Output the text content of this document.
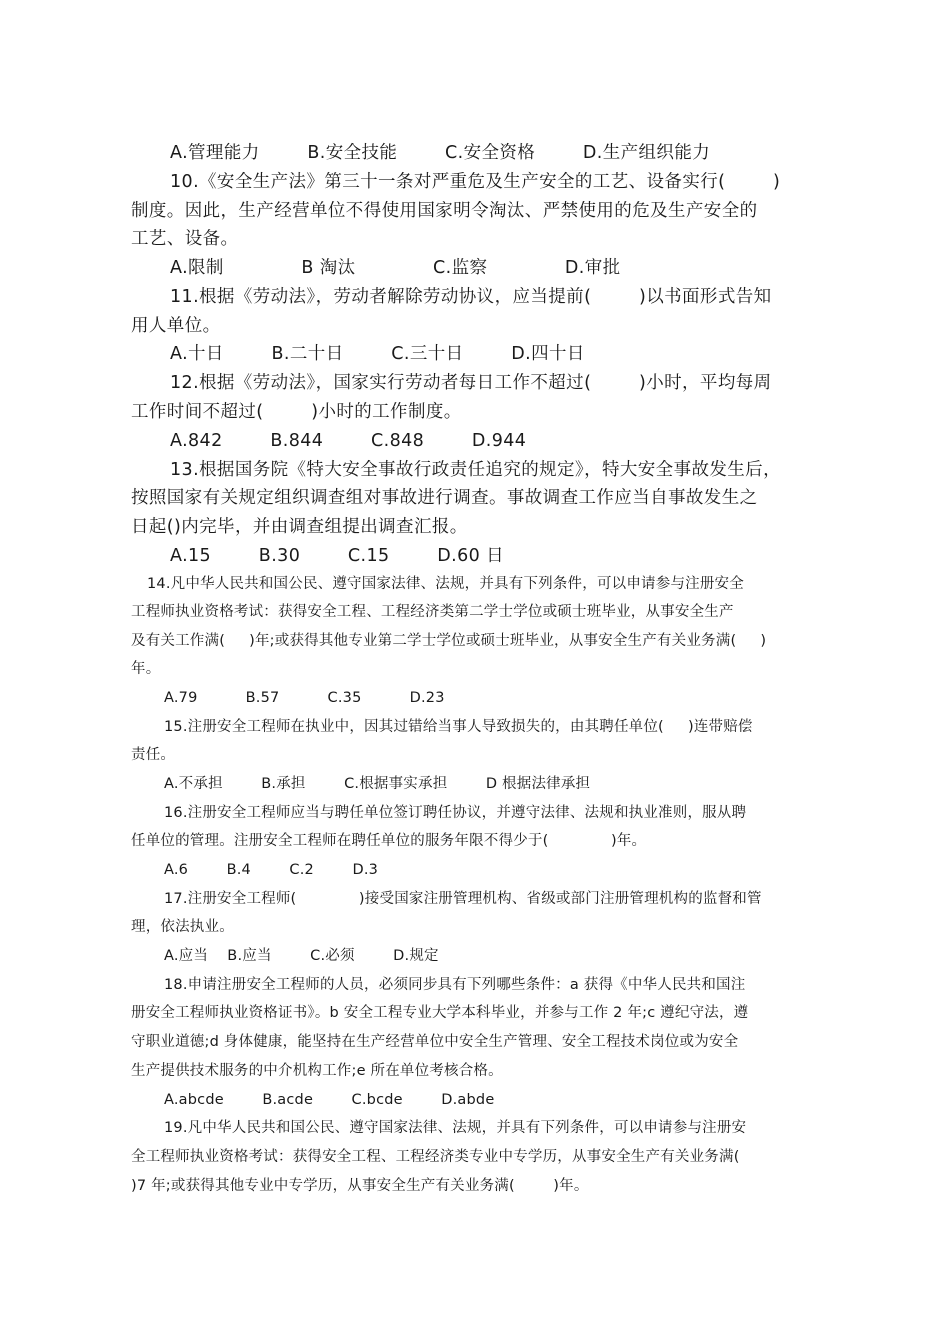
A.管理能力        B.安全技能        C.安全资格        D.生产组织能力
10.《安全生产法》第三十一条对严重危及生产安全的工艺、设备实行(        )
制度。因此，生产经营单位不得使用国家明令淘汰、严禁使用的危及生产安全的
工艺、设备。
A.限制             B 淘汰             C.监察             D.审批
11.根据《劳动法》，劳动者解除劳动协议，应当提前(        )以书面形式告知
用人单位。
A.十日        B.二十日        C.三十日        D.四十日
12.根据《劳动法》，国家实行劳动者每日工作不超过(        )小时，平均每周
工作时间不超过(        )小时的工作制度。
A.842        B.844        C.848        D.944
13.根据国务院《特大安全事故行政责任追究的规定》，特大安全事故发生后，
按照国家有关规定组织调查组对事故进行调查。事故调查工作应当自事故发生之
日起()内完毕，并由调查组提出调查汇报。
A.15        B.30        C.15        D.60 日
14.凡中华人民共和国公民、遵守国家法律、法规，并具有下列条件，可以申请参与注册安全
工程师执业资格考试：获得安全工程、工程经济类第二学士学位或硕士班毕业，从事安全生产
及有关工作满(     )年;或获得其他专业第二学士学位或硕士班毕业，从事安全生产有关业务满(     )
年。
A.79          B.57          C.35          D.23
15.注册安全工程师在执业中，因其过错给当事人导致损失的，由其聘任单位(     )连带赔偿
责任。
A.不承担        B.承担        C.根据事实承担        D 根据法律承担
16.注册安全工程师应当与聘任单位签订聘任协议，并遵守法律、法规和执业准则，服从聘
任单位的管理。注册安全工程师在聘任单位的服务年限不得少于(             )年。
A.6        B.4        C.2        D.3
17.注册安全工程师(             )接受国家注册管理机构、省级或部门注册管理机构的监督和管
理，依法执业。
A.应当    B.应当        C.必须        D.规定
18.申请注册安全工程师的人员，必须同步具有下列哪些条件：a 获得《中华人民共和国注
册安全工程师执业资格证书》。b 安全工程专业大学本科毕业，并参与工作 2 年;c 遵纪守法，遵
守职业道德;d 身体健康，能坚持在生产经营单位中安全生产管理、安全工程技术岗位或为安全
生产提供技术服务的中介机构工作;e 所在单位考核合格。
A.abcde        B.acde        C.bcde        D.abde
19.凡中华人民共和国公民、遵守国家法律、法规，并具有下列条件，可以申请参与注册安
全工程师执业资格考试：获得安全工程、工程经济类专业中专学历，从事安全生产有关业务满(
)7 年;或获得其他专业中专学历，从事安全生产有关业务满(        )年。
